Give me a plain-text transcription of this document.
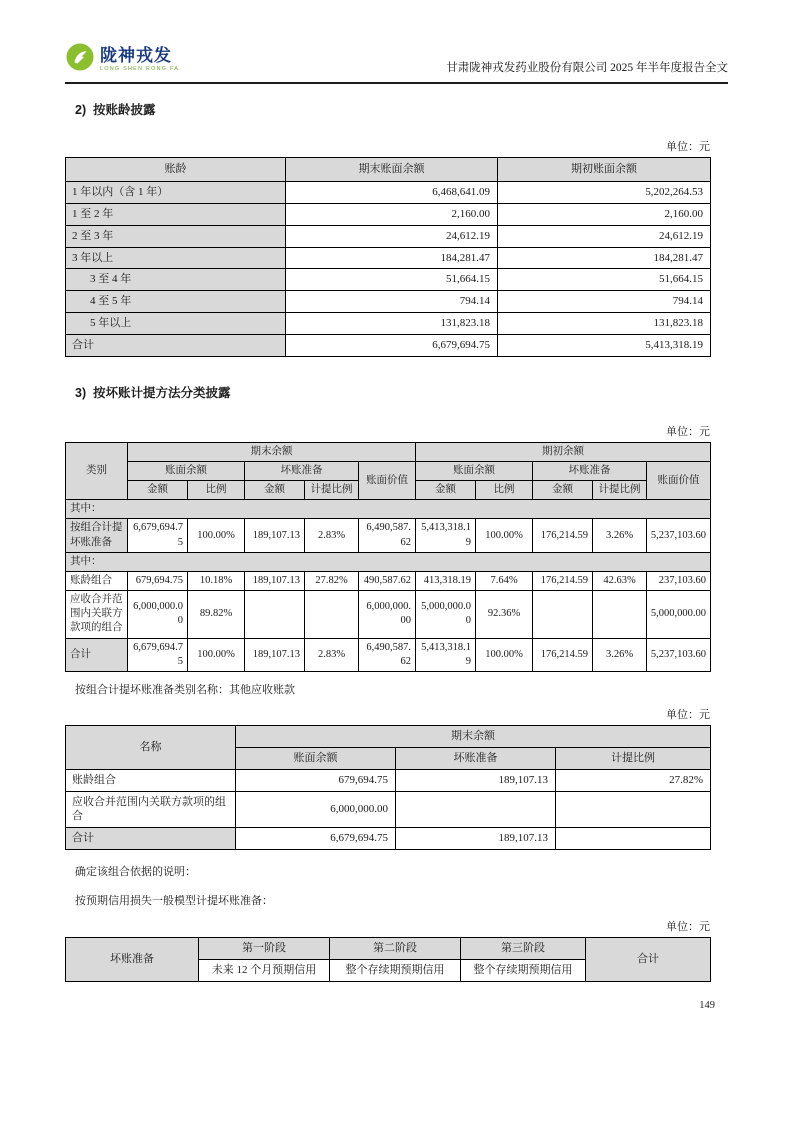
陇神戎发
LONG SHEN RONG FA	甘肃陇神戎发药业股份有限公司 2025 年半年度报告全文
2)  按账龄披露
单位：元
账龄	期末账面余额	期初账面余额
1 年以内（含 1 年）	6,468,641.09	5,202,264.53
1 至 2 年	2,160.00	2,160.00
2 至 3 年	24,612.19	24,612.19
3 年以上	184,281.47	184,281.47
3 至 4 年	51,664.15	51,664.15
4 至 5 年	794.14	794.14
5 年以上	131,823.18	131,823.18
合计	6,679,694.75	5,413,318.19
3)  按坏账计提方法分类披露
单位：元
类别	期末余额					期初余额				
	账面余额		坏账准备		账面价值	账面余额		坏账准备		账面价值
	金额	比例	金额	计提比例		金额	比例	金额	计提比例	
其中：										
按组合计提坏账准备	6,679,694.75	100.00%	189,107.13	2.83%	6,490,587.62	5,413,318.19	100.00%	176,214.59	3.26%	5,237,103.60
其中：										
账龄组合	679,694.75	10.18%	189,107.13	27.82%	490,587.62	413,318.19	7.64%	176,214.59	42.63%	237,103.60
应收合并范围内关联方款项的组合	6,000,000.00	89.82%			6,000,000.00	5,000,000.00	92.36%			5,000,000.00
合计	6,679,694.75	100.00%	189,107.13	2.83%	6,490,587.62	5,413,318.19	100.00%	176,214.59	3.26%	5,237,103.60
按组合计提坏账准备类别名称：其他应收账款
单位：元
名称	期末余额		
	账面余额	坏账准备	计提比例
账龄组合	679,694.75	189,107.13	27.82%
应收合并范围内关联方款项的组合	6,000,000.00		
合计	6,679,694.75	189,107.13	
确定该组合依据的说明：
按预期信用损失一般模型计提坏账准备：
单位：元
坏账准备	第一阶段	第二阶段	第三阶段	合计
	未来 12 个月预期信用	整个存续期预期信用	整个存续期预期信用	
149
